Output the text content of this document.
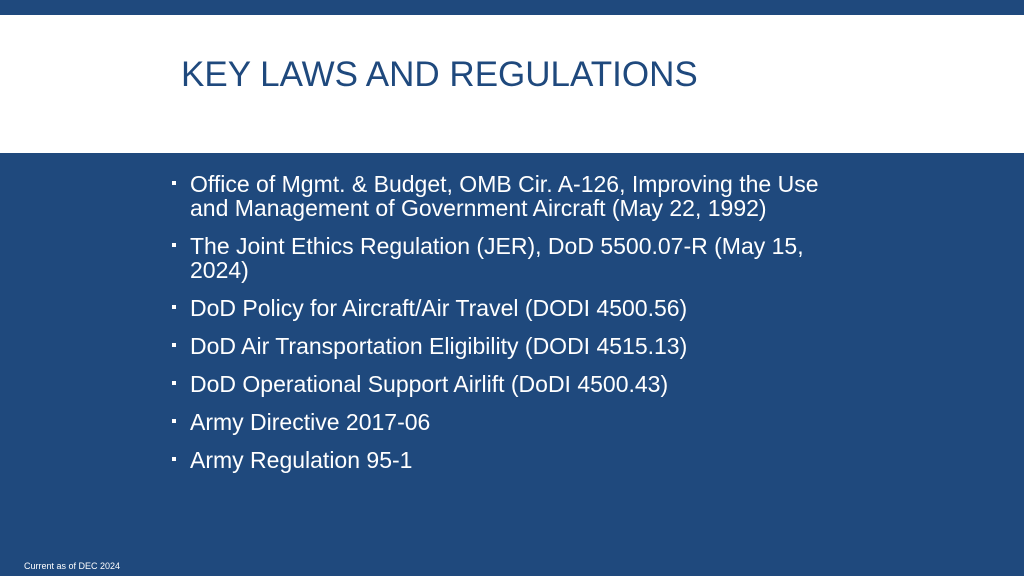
KEY LAWS AND REGULATIONS
Office of Mgmt. & Budget, OMB Cir. A-126, Improving the Use and Management of Government Aircraft (May 22, 1992)
The Joint Ethics Regulation (JER), DoD 5500.07-R (May 15, 2024)
DoD Policy for Aircraft/Air Travel (DODI 4500.56)
DoD Air Transportation Eligibility (DODI 4515.13)
DoD Operational Support Airlift (DoDI 4500.43)
Army Directive 2017-06
Army Regulation 95-1
Current as of DEC 2024
